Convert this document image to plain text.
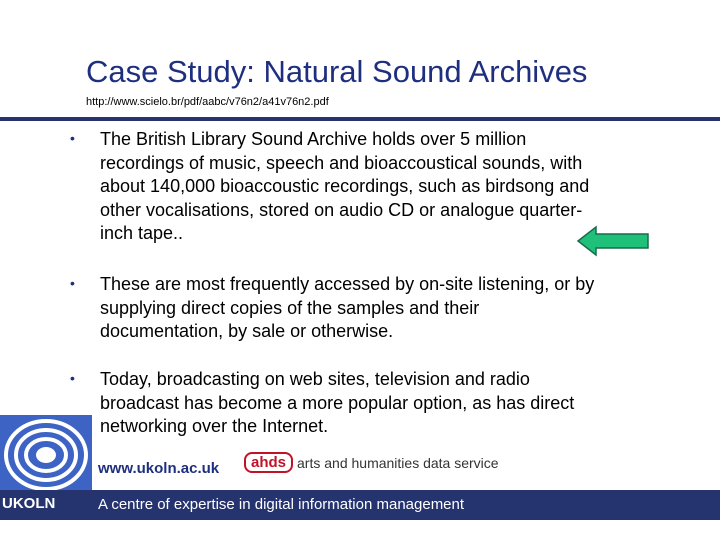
Case Study: Natural Sound Archives
http://www.scielo.br/pdf/aabc/v76n2/a41v76n2.pdf
• The British Library Sound Archive holds over 5 million
recordings of music, speech and bioaccoustical sounds, with
about 140,000 bioaccoustic recordings, such as birdsong and
other vocalisations, stored on audio CD or analogue quarter-
inch tape..
• These are most frequently accessed by on-site listening, or by
supplying direct copies of the samples and their
documentation, by sale or otherwise.
• Today, broadcasting on web sites, television and radio
broadcast has become a more popular option, as has direct
networking over the Internet.
www.ukoln.ac.uk	ahds arts and humanities data service
UKOLN	A centre of expertise in digital information management
